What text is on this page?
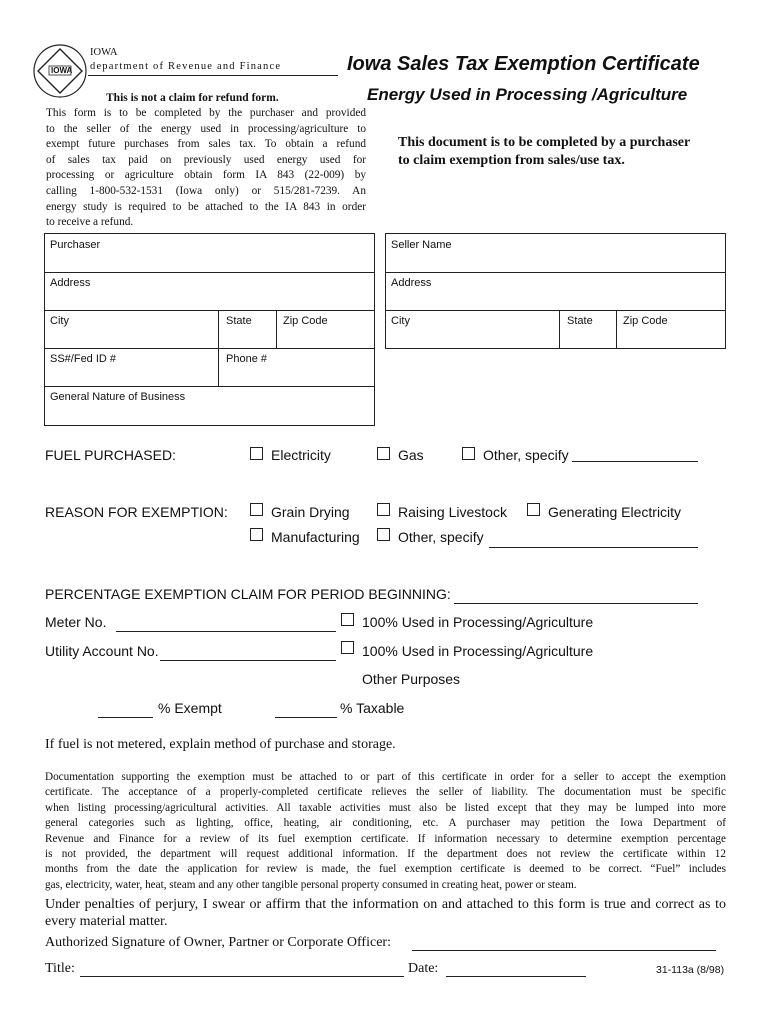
IOWA
IOWA
department of Revenue and Finance	Iowa Sales Tax Exemption Certificate
Energy Used in Processing /Agriculture
This is not a claim for refund form.
This form is to be completed by the purchaser and provided
to the seller of the energy used in processing/agriculture to
exempt future purchases from sales tax. To obtain a refund
of sales tax paid on previously used energy used for
processing or agriculture obtain form IA 843 (22-009) by
calling 1-800-532-1531 (Iowa only) or 515/281-7239. An
energy study is required to be attached to the IA 843 in order
to receive a refund.
This document is to be completed by a purchaser
to claim exemption from sales/use tax.
Purchaser
Address
City	State	Zip Code
SS#/Fed ID #	Phone #
General Nature of Business
Seller Name
Address
City	State	Zip Code
FUEL PURCHASED:	Electricity	Gas	Other, specify
REASON FOR EXEMPTION:	Grain Drying	Raising Livestock	Generating Electricity
Manufacturing	Other, specify
PERCENTAGE EXEMPTION CLAIM FOR PERIOD BEGINNING:
Meter No.	100% Used in Processing/Agriculture
Utility Account No.	100% Used in Processing/Agriculture
Other Purposes
% Exempt	% Taxable
If fuel is not metered, explain method of purchase and storage.
Documentation supporting the exemption must be attached to or part of this certificate in order for a seller to accept the exemption
certificate. The acceptance of a properly-completed certificate relieves the seller of liability. The documentation must be specific
when listing processing/agricultural activities. All taxable activities must also be listed except that they may be lumped into more
general categories such as lighting, office, heating, air conditioning, etc. A purchaser may petition the Iowa Department of
Revenue and Finance for a review of its fuel exemption certificate. If information necessary to determine exemption percentage
is not provided, the department will request additional information. If the department does not review the certificate within 12
months from the date the application for review is made, the fuel exemption certificate is deemed to be correct. “Fuel” includes
gas, electricity, water, heat, steam and any other tangible personal property consumed in creating heat, power or steam.
Under penalties of perjury, I swear or affirm that the information on and attached to this form is true and correct as to
every material matter.
Authorized Signature of Owner, Partner or Corporate Officer:
Title:	Date:	31-113a (8/98)
